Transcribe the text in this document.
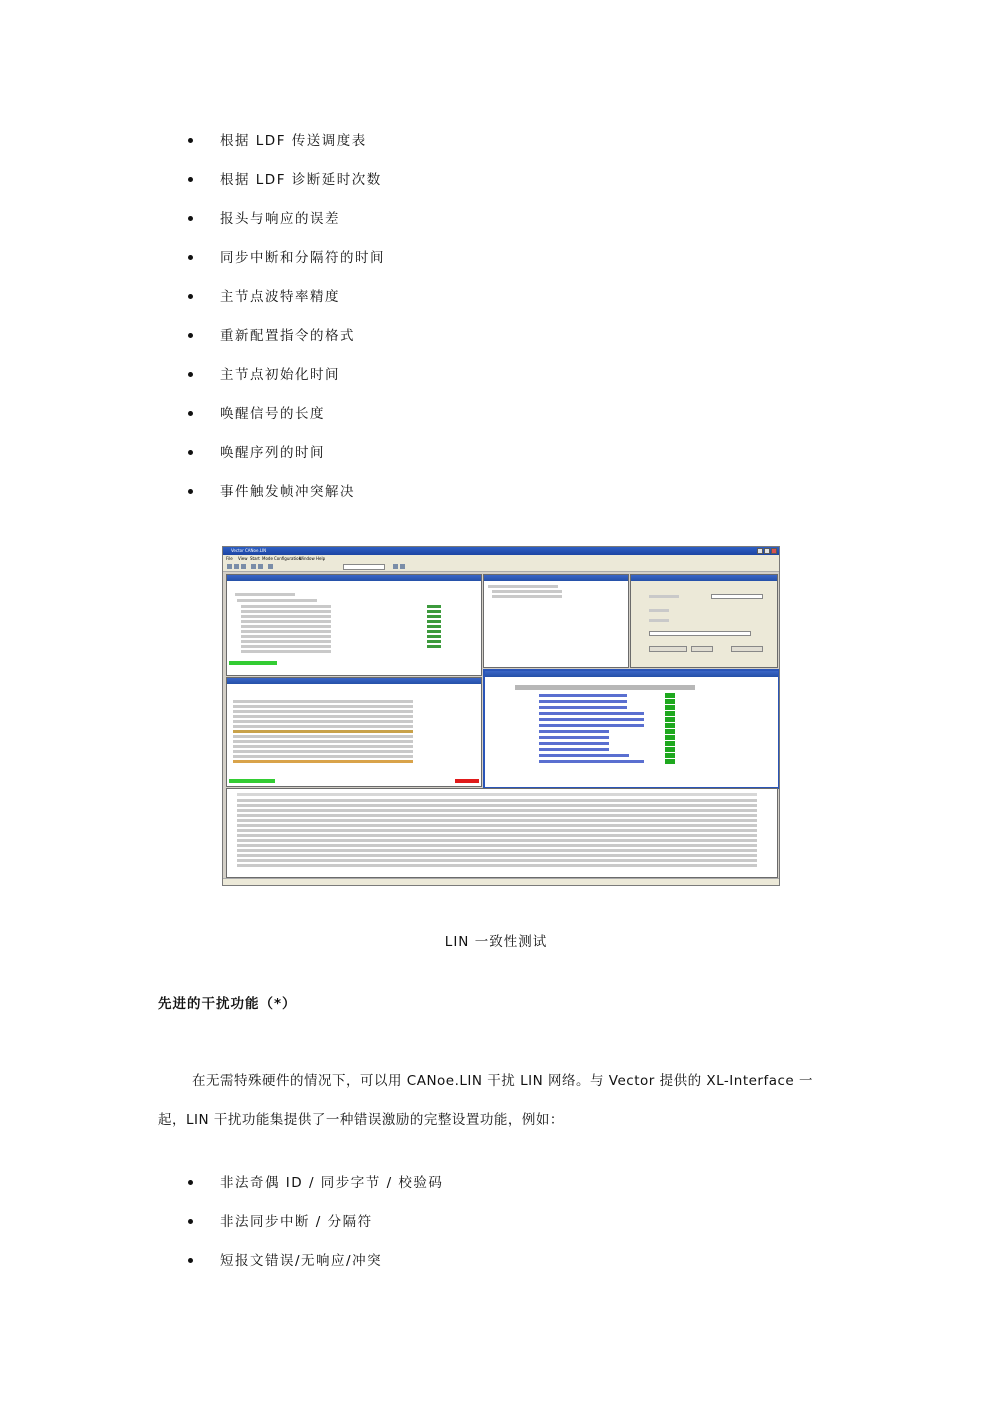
根据 LDF 传送调度表
根据 LDF 诊断延时次数
报头与响应的误差
同步中断和分隔符的时间
主节点波特率精度
重新配置指令的格式
主节点初始化时间
唤醒信号的长度
唤醒序列的时间
事件触发帧冲突解决
Vector CANoe.LIN
File View Start Mode Configuration
Window Help
LIN 一致性测试
先进的干扰功能（*）
在无需特殊硬件的情况下，可以用 CANoe.LIN 干扰 LIN 网络。与 Vector 提供的 XL-Interface 一
起，LIN 干扰功能集提供了一种错误激励的完整设置功能，例如：
非法奇偶 ID / 同步字节 / 校验码
非法同步中断 / 分隔符
短报文错误/无响应/冲突
